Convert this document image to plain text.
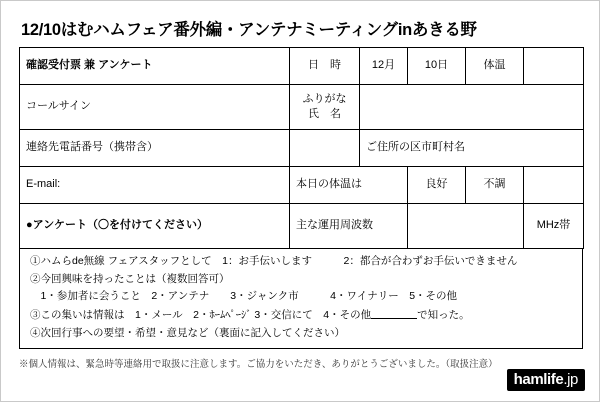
12/10はむハムフェア番外編・アンテナミーティングinあきる野
確認受付票 兼 アンケート	日　時	12月	10日	体温	
コールサイン	ふりがな
氏　名				

連絡先電話番号（携帯含）		ご住所の区市町村名			
E-mail:	本日の体温は		良好	不調	
●アンケート（〇を付けてください）	主な運用周波数				MHz帯
①ハムらde無線 フェアスタッフとして　1：お手伝いします　　　2：都合が合わずお手伝いできません
②今回興味を持ったことは（複数回答可）
　1・参加者に会うこと　2・アンテナ　　3・ジャンク市　　　4・ワイナリー　5・その他
③この集いは情報は　1・メール　2・ﾎｰﾑﾍﾟｰｼﾞ 3・交信にて　4・その他	で知った。
④次回行事への要望・希望・意見など（裏面に記入してください）
※個人情報は、緊急時等連絡用で取扱に注意します。ご協力をいただき、ありがとうございました。（取扱注意）
hamlife.jp
